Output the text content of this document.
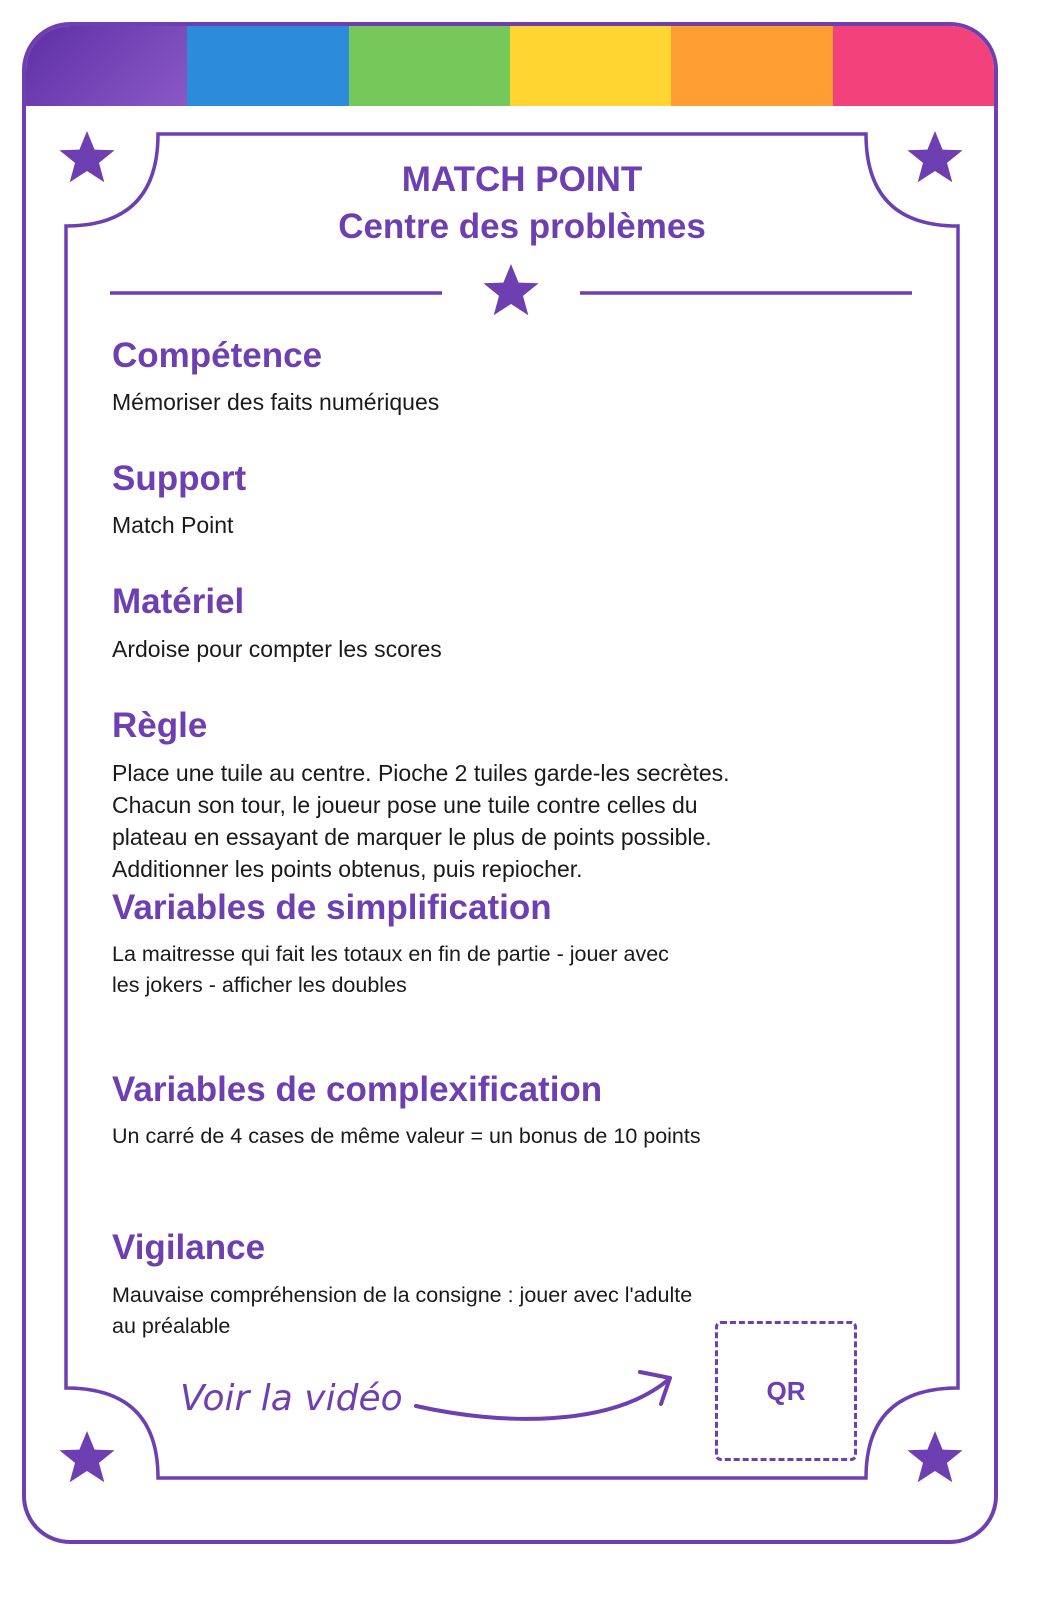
MATCH POINT
Centre des problèmes
Compétence
Mémoriser des faits numériques
Support
Match Point
Matériel
Ardoise pour compter les scores
Règle
Place une tuile au centre. Pioche 2 tuiles garde-les secrètes.
Chacun son tour, le joueur pose une tuile contre celles du
plateau en essayant de marquer le plus de points possible.
Additionner les points obtenus, puis repiocher.
Variables de simplification
La maitresse qui fait les totaux en fin de partie - jouer avec
les jokers - afficher les doubles
Variables de complexification
Un carré de 4 cases de même valeur = un bonus de 10 points
Vigilance
Mauvaise compréhension de la consigne : jouer avec l'adulte
au préalable
Voir la vidéo	QR
